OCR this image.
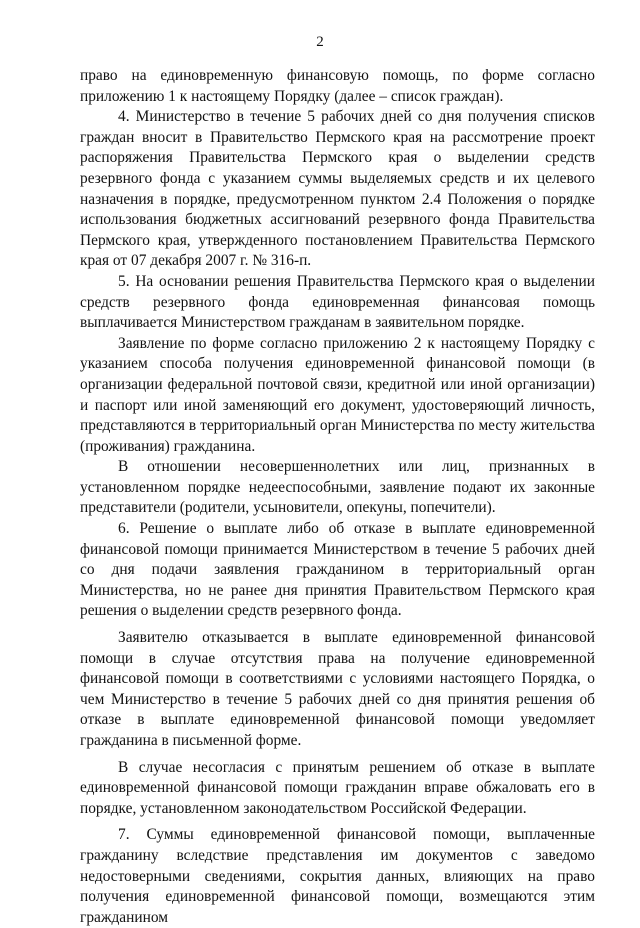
2

право на единовременную финансовую помощь, по форме согласно приложению 1 к настоящему Порядку (далее – список граждан).

4. Министерство в течение 5 рабочих дней со дня получения списков граждан вносит в Правительство Пермского края на рассмотрение проект распоряжения Правительства Пермского края о выделении средств резервного фонда с указанием суммы выделяемых средств и их целевого назначения в порядке, предусмотренном пунктом 2.4 Положения о порядке использования бюджетных ассигнований резервного фонда Правительства Пермского края, утвержденного постановлением Правительства Пермского края от 07 декабря 2007 г. № 316-п.

5. На основании решения Правительства Пермского края о выделении средств резервного фонда единовременная финансовая помощь выплачивается Министерством гражданам в заявительном порядке.

Заявление по форме согласно приложению 2 к настоящему Порядку с указанием способа получения единовременной финансовой помощи (в организации федеральной почтовой связи, кредитной или иной организации) и паспорт или иной заменяющий его документ, удостоверяющий личность, представляются в территориальный орган Министерства по месту жительства (проживания) гражданина.

В отношении несовершеннолетних или лиц, признанных в установленном порядке недееспособными, заявление подают их законные представители (родители, усыновители, опекуны, попечители).

6. Решение о выплате либо об отказе в выплате единовременной финансовой помощи принимается Министерством в течение 5 рабочих дней со дня подачи заявления гражданином в территориальный орган Министерства, но не ранее дня принятия Правительством Пермского края решения о выделении средств резервного фонда.

Заявителю отказывается в выплате единовременной финансовой помощи в случае отсутствия права на получение единовременной финансовой помощи в соответствиями с условиями настоящего Порядка, о чем Министерство в течение 5 рабочих дней со дня принятия решения об отказе в выплате единовременной финансовой помощи уведомляет гражданина в письменной форме.

В случае несогласия с принятым решением об отказе в выплате единовременной финансовой помощи гражданин вправе обжаловать его в порядке, установленном законодательством Российской Федерации.

7. Суммы единовременной финансовой помощи, выплаченные гражданину вследствие представления им документов с заведомо недостоверными сведениями, сокрытия данных, влияющих на право получения единовременной финансовой помощи, возмещаются этим гражданином
